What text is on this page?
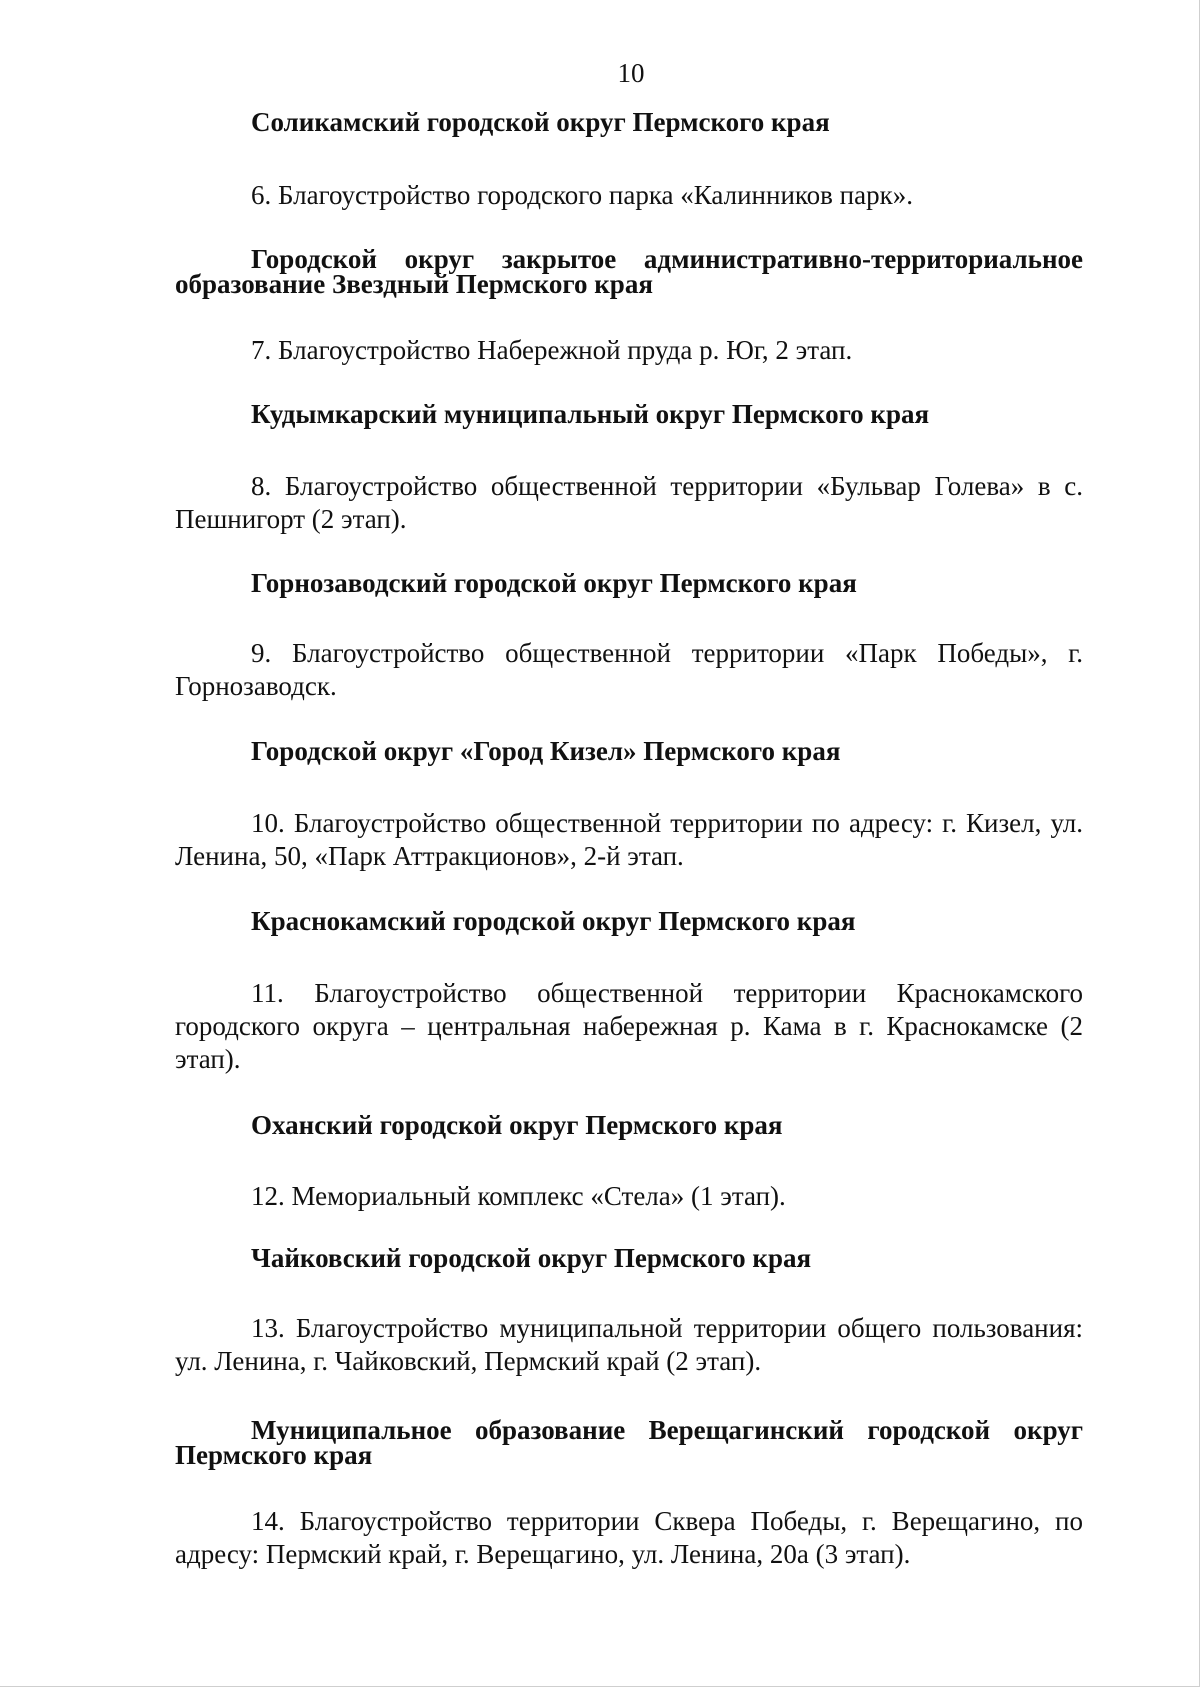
10

Соликамский городской округ Пермского края

6. Благоустройство городского парка «Калинников парк».

Городской округ закрытое административно-территориальное образование Звездный Пермского края

7. Благоустройство Набережной пруда р. Юг, 2 этап.

Кудымкарский муниципальный округ Пермского края

8. Благоустройство общественной территории «Бульвар Голева» в с. Пешнигорт (2 этап).

Горнозаводский городской округ Пермского края

9. Благоустройство общественной территории «Парк Победы», г. Горнозаводск.

Городской округ «Город Кизел» Пермского края

10. Благоустройство общественной территории по адресу: г. Кизел, ул. Ленина, 50, «Парк Аттракционов», 2-й этап.

Краснокамский городской округ Пермского края

11. Благоустройство общественной территории Краснокамского городского округа – центральная набережная р. Кама в г. Краснокамске (2 этап).

Оханский городской округ Пермского края

12. Мемориальный комплекс «Стела» (1 этап).

Чайковский городской округ Пермского края

13. Благоустройство муниципальной территории общего пользования: ул. Ленина, г. Чайковский, Пермский край (2 этап).

Муниципальное образование Верещагинский городской округ Пермского края

14. Благоустройство территории Сквера Победы, г. Верещагино, по адресу: Пермский край, г. Верещагино, ул. Ленина, 20а (3 этап).
